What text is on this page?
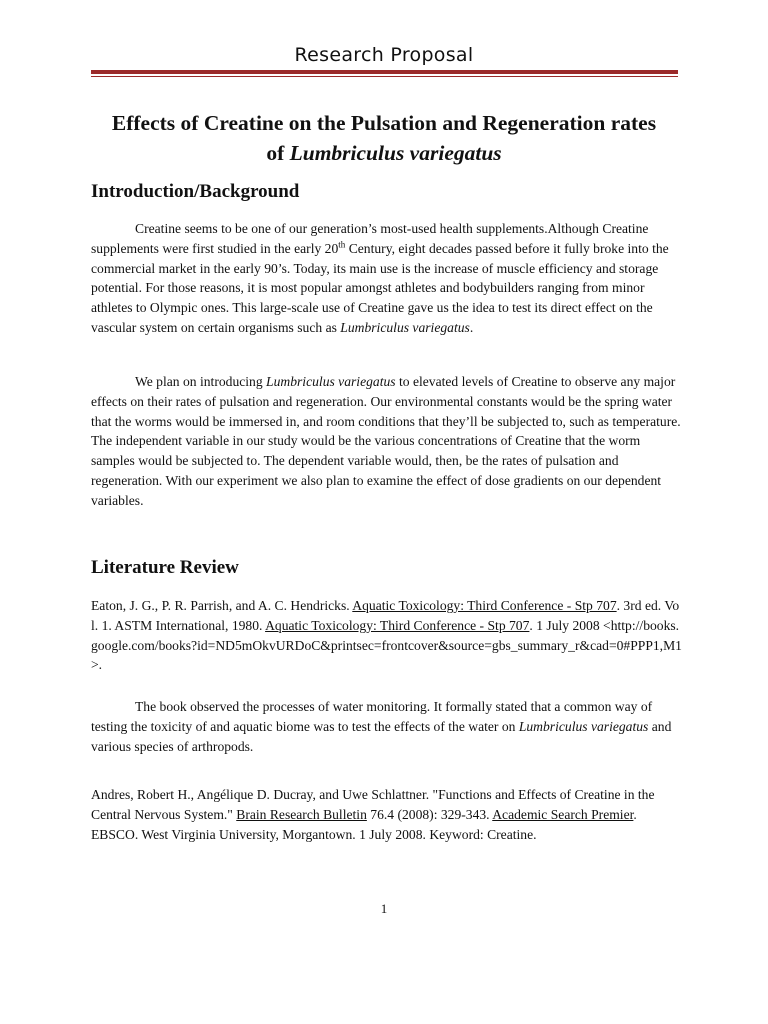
Research Proposal
Effects of Creatine on the Pulsation and Regeneration rates
of Lumbriculus variegatus
Introduction/Background
Creatine seems to be one of our generation’s most-used health supplements.Although Creatine supplements were first studied in the early 20th Century, eight decades passed before it fully broke into the commercial market in the early 90’s. Today, its main use is the increase of muscle efficiency and storage potential. For those reasons, it is most popular amongst athletes and bodybuilders ranging from minor athletes to Olympic ones. This large-scale use of Creatine gave us the idea to test its direct effect on the vascular system on certain organisms such as Lumbriculus variegatus.
We plan on introducing Lumbriculus variegatus to elevated levels of Creatine to observe any major effects on their rates of pulsation and regeneration. Our environmental constants would be the spring water that the worms would be immersed in, and room conditions that they’ll be subjected to, such as temperature. The independent variable in our study would be the various concentrations of Creatine that the worm samples would be subjected to. The dependent variable would, then, be the rates of pulsation and regeneration. With our experiment we also plan to examine the effect of dose gradients on our dependent variables.
Literature Review
Eaton, J. G., P. R. Parrish, and A. C. Hendricks. Aquatic Toxicology: Third Conference - Stp 707. 3rd ed. Vol. 1. ASTM International, 1980. Aquatic Toxicology: Third Conference - Stp 707. 1 July 2008 <http://books.google.com/books?id=ND5mOkvURDoC&printsec=frontcover&source=gbs_summary_r&cad=0#PPP1,M1>.
The book observed the processes of water monitoring. It formally stated that a common way of testing the toxicity of and aquatic biome was to test the effects of the water on Lumbriculus variegatus and various species of arthropods.
Andres, Robert H., Angélique D. Ducray, and Uwe Schlattner. "Functions and Effects of Creatine in the Central Nervous System." Brain Research Bulletin 76.4 (2008): 329-343. Academic Search Premier. EBSCO. West Virginia University, Morgantown. 1 July 2008. Keyword: Creatine.
1
